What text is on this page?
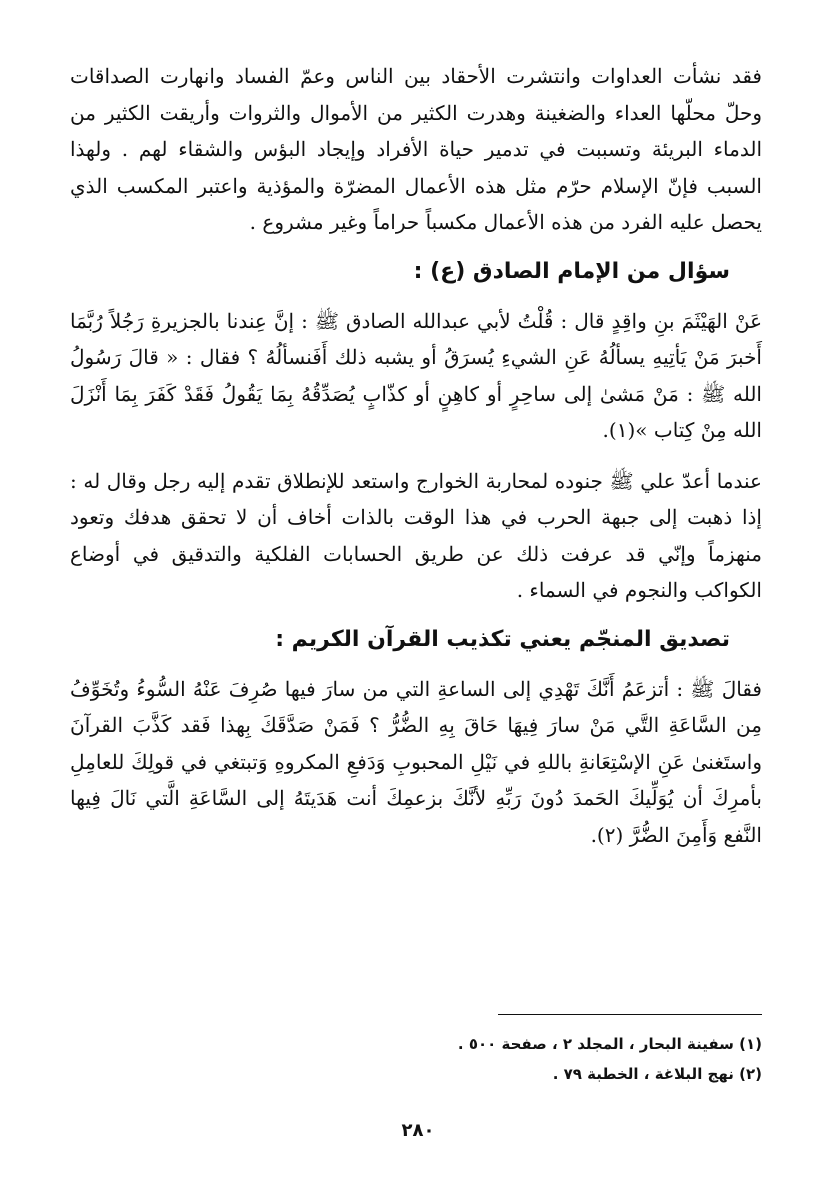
فقد نشأت العداوات وانتشرت الأحقاد بين الناس وعمّ الفساد وانهارت الصداقات وحلّ محلّها العداء والضغينة وهدرت الكثير من الأموال والثروات وأريقت الكثير من الدماء البريئة وتسببت في تدمير حياة الأفراد وإيجاد البؤس والشقاء لهم . ولهذا السبب فإنّ الإسلام حرّم مثل هذه الأعمال المضرّة والمؤذية واعتبر المكسب الذي يحصل عليه الفرد من هذه الأعمال مكسباً حراماً وغير مشروع .

سؤال من الإمام الصادق (ع) :

عَنْ الهَيْثَمَ بنِ واقِدٍ قال : قُلْتُ لأبي عبدالله الصادق ﷺ : إنَّ عِندنا بالجزيرةِ رَجُلاً رُبَّمَا أَخبرَ مَنْ يَأتِيهِ يسألُهُ عَنِ الشيءِ يُسرَقُ أو يشبه ذلك أَفَنسألُهُ ؟ فقال : « قالَ رَسُولُ الله ﷺ : مَنْ مَشىٰ إلى ساحِرٍ أو كاهِنٍ أو كذّابٍ يُصَدِّقُهُ بِمَا يَقُولُ فَقَدْ كَفَرَ بِمَا أَنْزَلَ الله مِنْ كِتاب »(١).

عندما أعدّ علي ﷺ جنوده لمحاربة الخوارج واستعد للإنطلاق تقدم إليه رجل وقال له : إذا ذهبت إلى جبهة الحرب في هذا الوقت بالذات أخاف أن لا تحقق هدفك وتعود منهزماً وإنّي قد عرفت ذلك عن طريق الحسابات الفلكية والتدقيق في أوضاع الكواكب والنجوم في السماء .

تصديق المنجّم يعني تكذيب القرآن الكريم :

فقالَ ﷺ : أتزعَمُ أَنَّكَ تَهْدِي إلى الساعةِ التي من سارَ فيها صُرِفَ عَنْهُ السُّوءُ وتُخَوِّفُ مِن السَّاعَةِ التَّي مَنْ سارَ فِيهَا حَاقَ بِهِ الضُّرُّ ؟ فَمَنْ صَدَّقَكَ بِهذا فَقد كَذَّبَ القرآنَ واستَغنىٰ عَنِ الإسْتِعَانةِ باللهِ في نَيْلِ المحبوبِ وَدَفعِ المكروهِ وَتبتغي في قولِكَ للعامِلِ بأمرِكَ أن يُوَلِّيكَ الحَمدَ دُونَ رَبِّهِ لأنَّكَ بزعمِكَ أنت هَدَيتَهُ إلى السَّاعَةِ الَّتي نَالَ فِيها النَّفع وَأَمِنَ الضُّرَّ (٢).

(١) سفينة البحار ، المجلد ٢ ، صفحة ٥٠٠ .

(٢) نهج البلاغة ، الخطبة ٧٩ .

٢٨٠
